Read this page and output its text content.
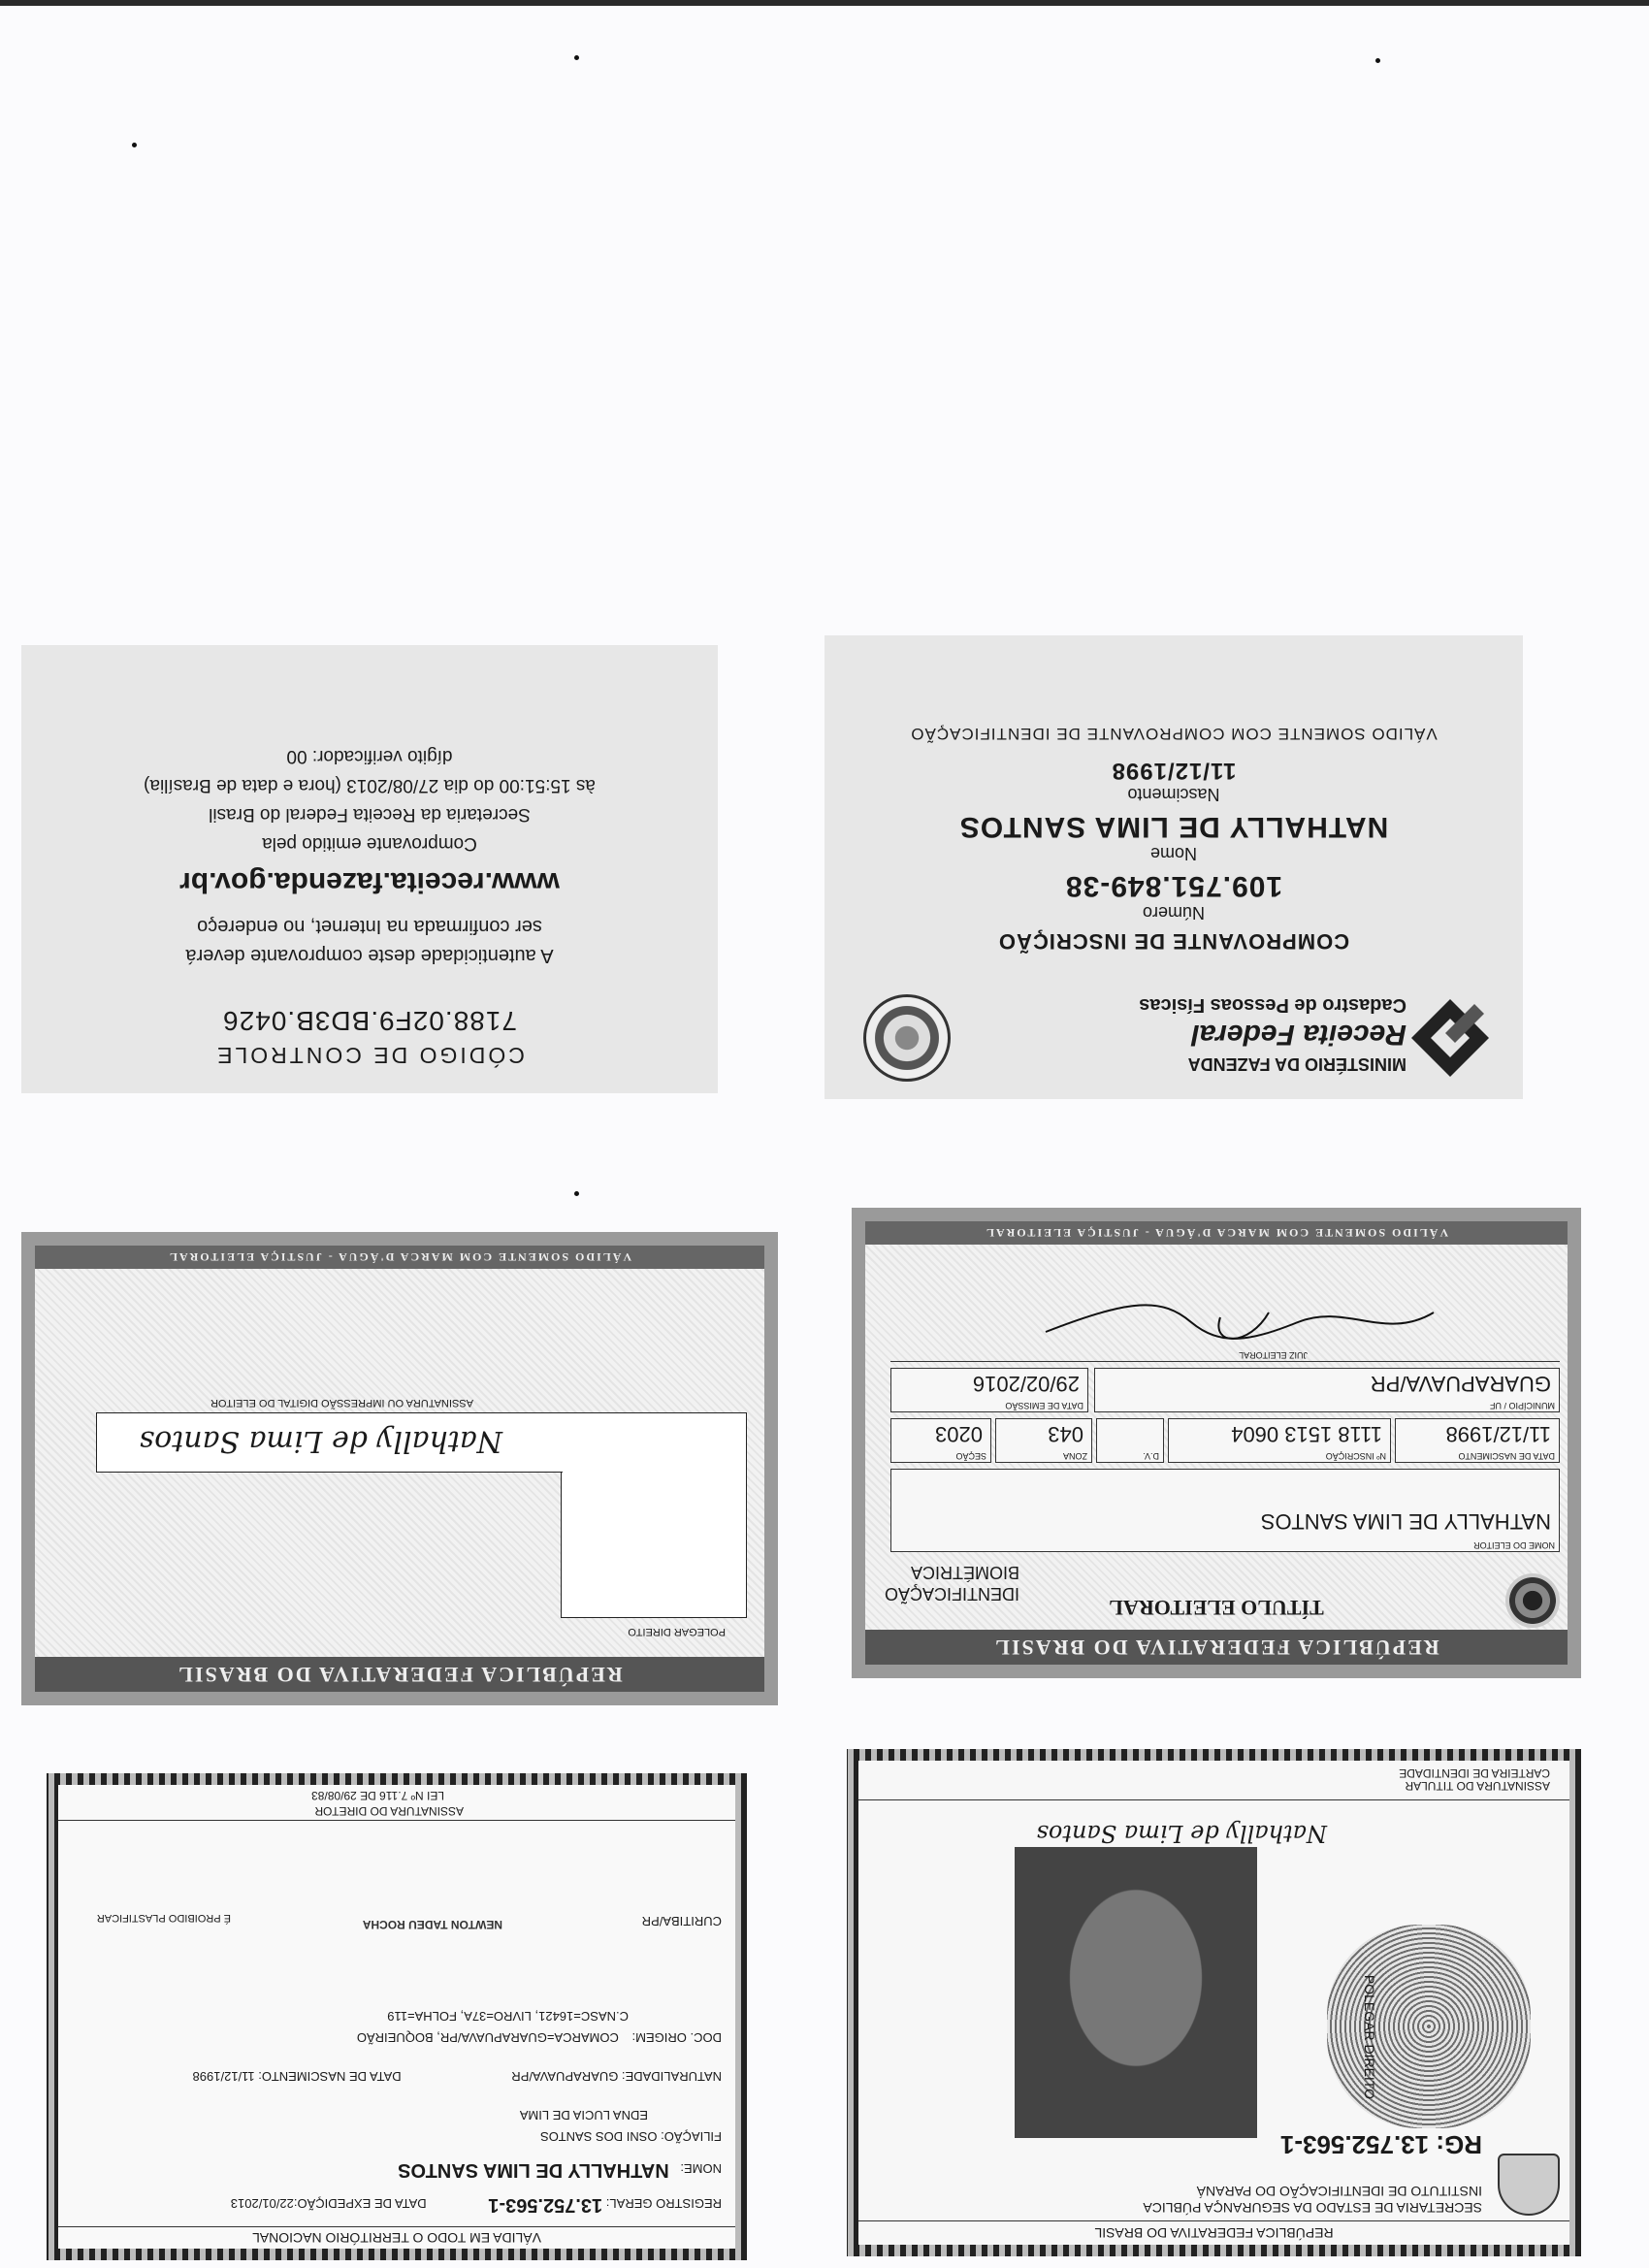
CÓDIGO DE CONTROLE
7188.02F9.BD3B.0426
A autenticidade deste comprovante deverá
ser confirmada na Internet, no endereço
www.receita.fazenda.gov.br
Comprovante emitido pela
Secretaria da Receita Federal do Brasil
às 15:51:00 do dia 27/08/2013 (hora e data de Brasília)
dígito verificador: 00
MINISTÉRIO DA FAZENDA
Receita Federal
Cadastro de Pessoas Físicas
COMPROVANTE DE INSCRIÇÃO
Número
109.751.849-38
Nome
NATHALLY DE LIMA SANTOS
Nascimento
11/12/1998
VÁLIDO SOMENTE COM COMPROVANTE DE IDENTIFICAÇÃO
REPÚBLICA FEDERATIVA DO BRASIL
TÍTULO ELEITORAL
IDENTIFICAÇÃO
BIOMÉTRICA
NOME DO ELEITOR
NATHALLY DE LIMA SANTOS
DATA DE NASCIMENTO
11/12/1998
Nº INSCRIÇÃO
1118 1513 0604
D.V.
ZONA
043
SEÇÃO
0203
MUNICÍPIO / UF
GUARAPUAVA/PR
DATA DE EMISSÃO
29/02/2016
JUIZ ELEITORAL
VÁLIDO SOMENTE COM MARCA D'ÁGUA - JUSTIÇA ELEITORAL
REPÚBLICA FEDERATIVA DO BRASIL
POLEGAR DIREITO
ASSINATURA OU IMPRESSÃO DIGITAL DO ELEITOR
Nathally de Lima Santos
VÁLIDO SOMENTE COM MARCA D'ÁGUA - JUSTIÇA ELEITORAL
REPÚBLICA FEDERATIVA DO BRASIL
SECRETARIA DE ESTADO DA SEGURANÇA PÚBLICA
INSTITUTO DE IDENTIFICAÇÃO DO PARANÁ
RG: 13.752.563-1
POLEGAR DIREITO
Nathally de Lima Santos
ASSINATURA DO TITULAR
CARTEIRA DE IDENTIDADE
VÁLIDA EM TODO O TERRITÓRIO NACIONAL
REGISTRO GERAL: 13.752.563-1 DATA DE EXPEDIÇÃO:22/01/2013
NOME: NATHALLY DE LIMA SANTOS
FILIAÇÃO: OSNI DOS SANTOS
EDNA LUCIA DE LIMA
NATURALIDADE: GUARAPUAVA/PR DATA DE NASCIMENTO: 11/12/1998
DOC. ORIGEM: COMARCA=GUARAPUAVA/PR, BOQUEIRÃO
C.NASC=16421, LIVRO=37A, FOLHA=119
CURITIBA/PR
NEWTON TADEU ROCHA
É PROIBIDO PLASTIFICAR
ASSINATURA DO DIRETOR
LEI Nº 7.116 DE 29/08/83
